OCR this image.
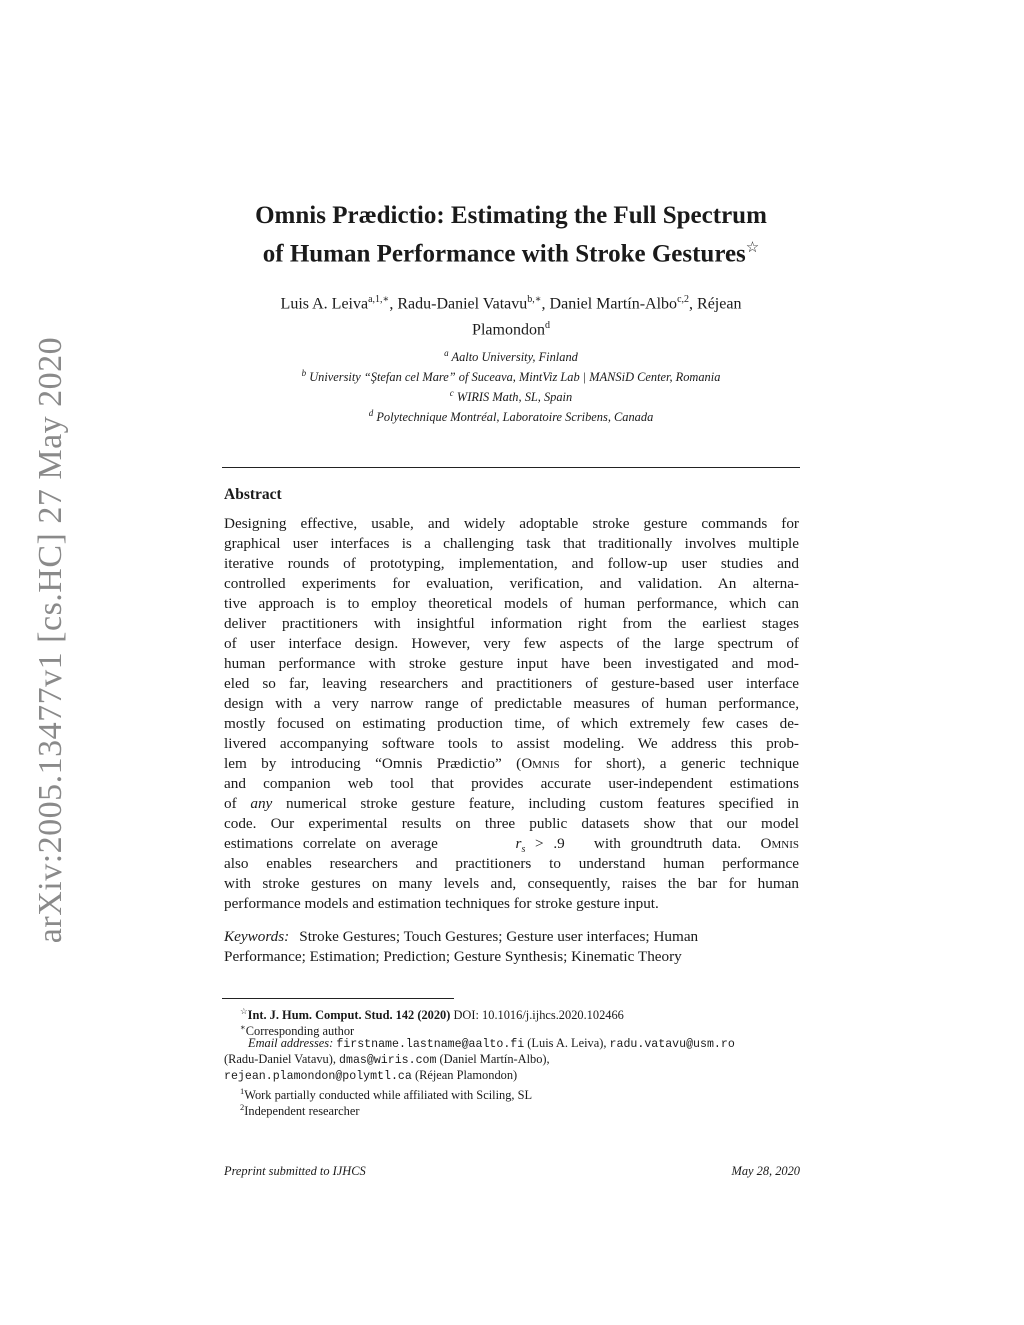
arXiv:2005.13477v1 [cs.HC] 27 May 2020
Omnis Prædictio: Estimating the Full Spectrum
of Human Performance with Stroke Gestures☆
Luis A. Leiva$^{a,1,∗}$, Radu-Daniel Vatavu$^{b,∗}$, Daniel Martín-Albo$^{c,2}$, Réjean
Plamondon$^d$
$^a$ Aalto University, Finland
$^b$ University “Ştefan cel Mare” of Suceava, MintViz Lab | MANSiD Center, Romania
$^c$ WIRIS Math, SL, Spain
$^d$ Polytechnique Montréal, Laboratoire Scribens, Canada
Abstract
Designing effective, usable, and widely adoptable stroke gesture commands for
graphical user interfaces is a challenging task that traditionally involves multiple
iterative rounds of prototyping, implementation, and follow-up user studies and
controlled experiments for evaluation, verification, and validation. An alterna-
tive approach is to employ theoretical models of human performance, which can
deliver practitioners with insightful information right from the earliest stages
of user interface design. However, very few aspects of the large spectrum of
human performance with stroke gesture input have been investigated and mod-
eled so far, leaving researchers and practitioners of gesture-based user interface
design with a very narrow range of predictable measures of human performance,
mostly focused on estimating production time, of which extremely few cases de-
livered accompanying software tools to assist modeling. We address this prob-
lem by introducing “Omnis Prædictio” (Omnis for short), a generic technique
and companion web tool that provides accurate user-independent estimations
of any numerical stroke gesture feature, including custom features specified in
code. Our experimental results on three public datasets show that our model
estimations correlate on average	$r_s > .9$ with groundtruth data. Omnis
also enables researchers and practitioners to understand human performance
with stroke gestures on many levels and, consequently, raises the bar for human
performance models and estimation techniques for stroke gesture input.
Keywords: Stroke Gestures; Touch Gestures; Gesture user interfaces; Human
Performance; Estimation; Prediction; Gesture Synthesis; Kinematic Theory
☆Int. J. Hum. Comput. Stud. 142 (2020) DOI: 10.1016/j.ijhcs.2020.102466
∗Corresponding author
Email addresses: firstname.lastname@aalto.fi (Luis A. Leiva), radu.vatavu@usm.ro
(Radu-Daniel Vatavu), dmas@wiris.com (Daniel Martín-Albo),
rejean.plamondon@polymtl.ca (Réjean Plamondon)
$^1$Work partially conducted while affiliated with Sciling, SL
$^2$Independent researcher
Preprint submitted to IJHCS	May 28, 2020
